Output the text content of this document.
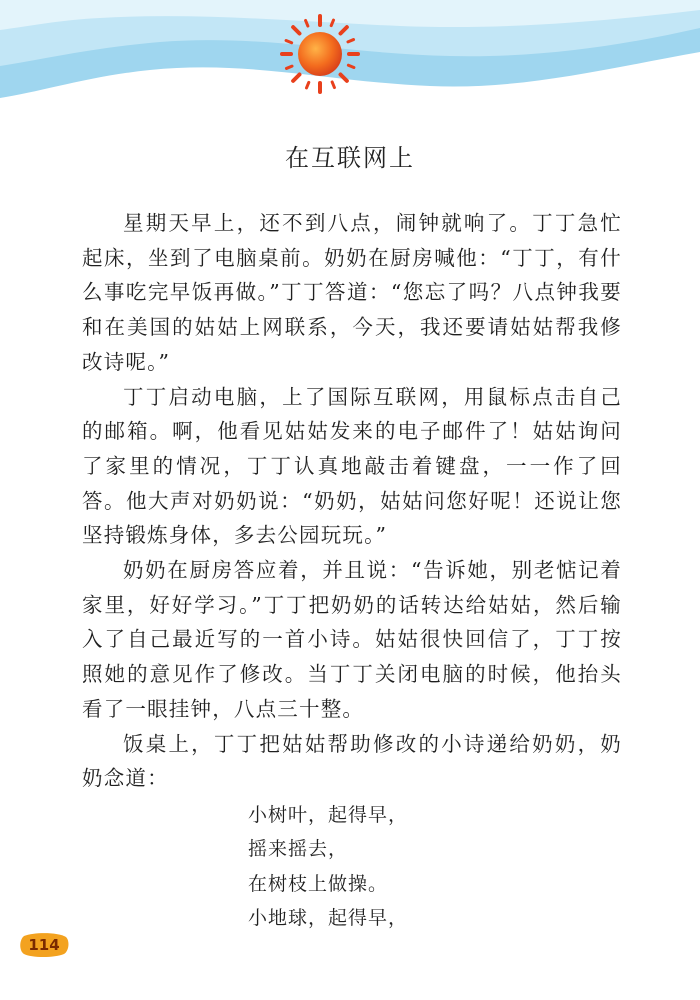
在互联网上

星期天早上，还不到八点，闹钟就响了。丁丁急忙起床，坐到了电脑桌前。奶奶在厨房喊他：“丁丁，有什么事吃完早饭再做。”丁丁答道：“您忘了吗？八点钟我要和在美国的姑姑上网联系，今天，我还要请姑姑帮我修改诗呢。”

丁丁启动电脑，上了国际互联网，用鼠标点击自己的邮箱。啊，他看见姑姑发来的电子邮件了！姑姑询问了家里的情况，丁丁认真地敲击着键盘，一一作了回答。他大声对奶奶说：“奶奶，姑姑问您好呢！还说让您坚持锻炼身体，多去公园玩玩。”

奶奶在厨房答应着，并且说：“告诉她，别老惦记着家里，好好学习。”丁丁把奶奶的话转达给姑姑，然后输入了自己最近写的一首小诗。姑姑很快回信了，丁丁按照她的意见作了修改。当丁丁关闭电脑的时候，他抬头看了一眼挂钟，八点三十整。

饭桌上，丁丁把姑姑帮助修改的小诗递给奶奶，奶奶念道：

小树叶，起得早，
摇来摇去，
在树枝上做操。
小地球，起得早，
114
